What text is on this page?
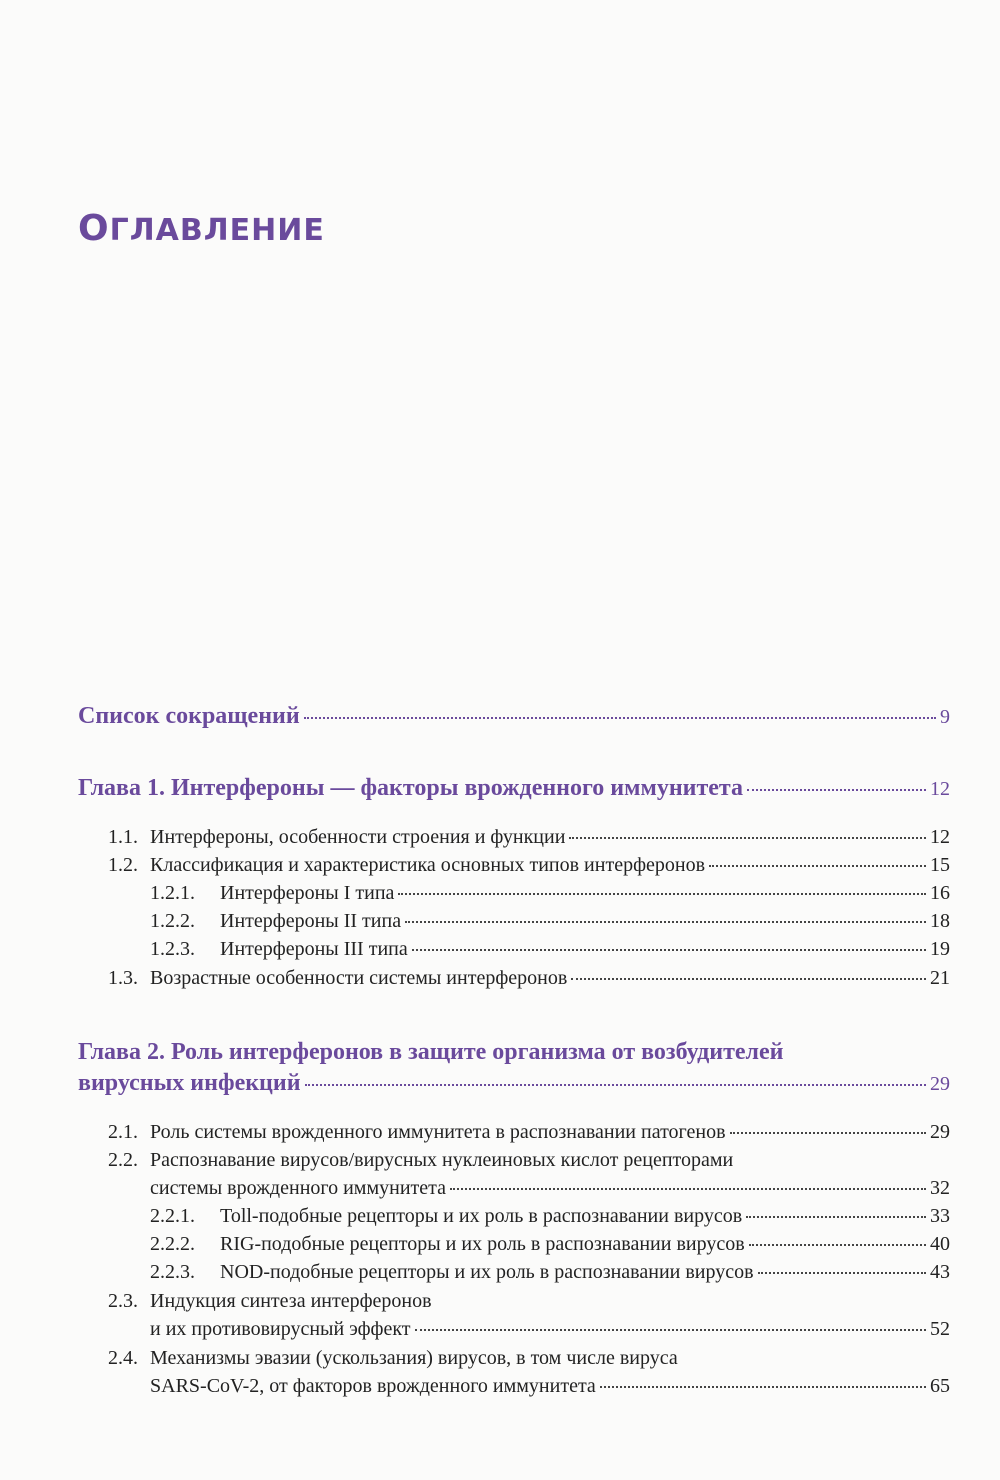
ОГЛАВЛЕНИЕ
Список сокращений	9
Глава 1. Интерфероны — факторы врожденного иммунитета	12
1.1. Интерфероны, особенности строения и функции	12
1.2. Классификация и характеристика основных типов интерферонов	15
1.2.1. Интерфероны I типа	16
1.2.2. Интерфероны II типа	18
1.2.3. Интерфероны III типа	19
1.3. Возрастные особенности системы интерферонов	21
Глава 2. Роль интерферонов в защите организма от возбудителей
вирусных инфекций	29
2.1. Роль системы врожденного иммунитета в распознавании патогенов	29
2.2. Распознавание вирусов/вирусных нуклеиновых кислот рецепторами
системы врожденного иммунитета	32
2.2.1. Toll-подобные рецепторы и их роль в распознавании вирусов	33
2.2.2. RIG-подобные рецепторы и их роль в распознавании вирусов	40
2.2.3. NOD-подобные рецепторы и их роль в распознавании вирусов	43
2.3. Индукция синтеза интерферонов
и их противовирусный эффект	52
2.4. Механизмы эвазии (ускользания) вирусов, в том числе вируса
SARS-CoV-2, от факторов врожденного иммунитета	65
